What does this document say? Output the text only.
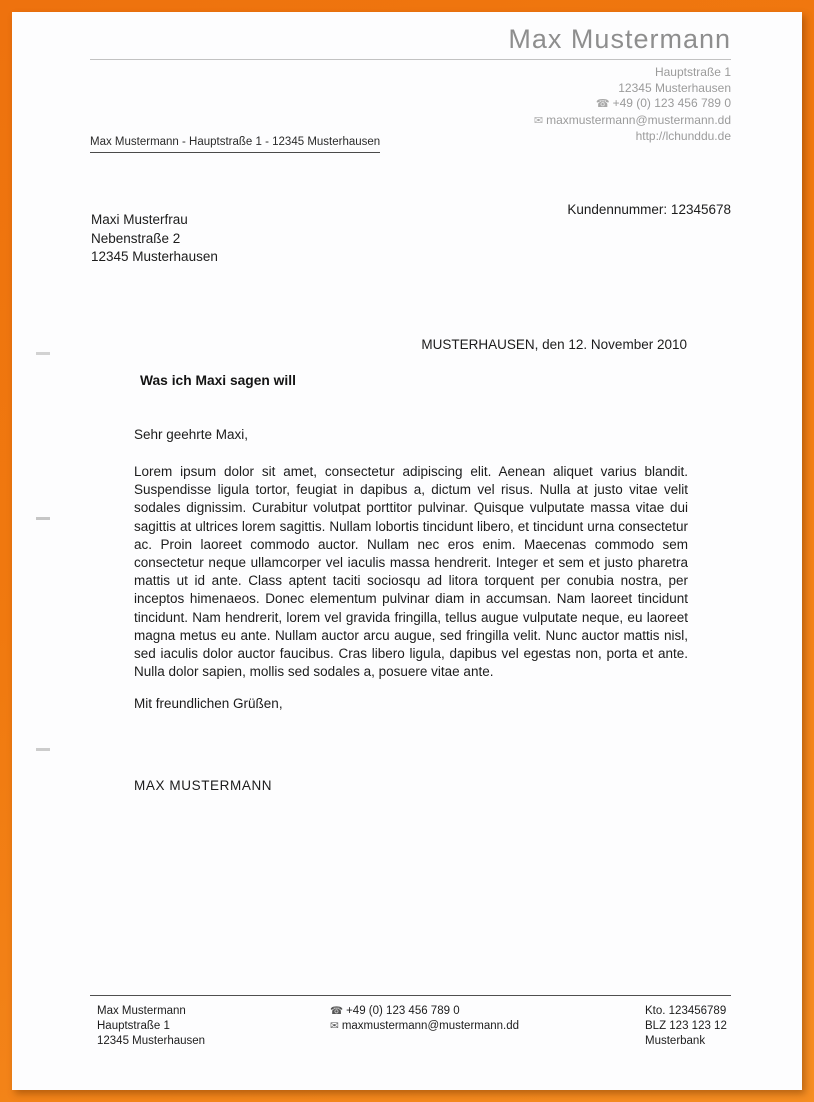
Max Mustermann
Hauptstraße 1
12345 Musterhausen
☎ +49 (0) 123 456 789 0
✉ maxmustermann@mustermann.dd
http://lchunddu.de
Max Mustermann - Hauptstraße 1 - 12345 Musterhausen
Kundennummer: 12345678
Maxi Musterfrau
Nebenstraße 2
12345 Musterhausen
MUSTERHAUSEN, den 12. November 2010
Was ich Maxi sagen will
Sehr geehrte Maxi,

Lorem ipsum dolor sit amet, consectetur adipiscing elit. Aenean aliquet varius blandit. Suspendisse ligula tortor, feugiat in dapibus a, dictum vel risus. Nulla at justo vitae velit sodales dignissim. Curabitur volutpat porttitor pulvinar. Quisque vulputate massa vitae dui sagittis at ultrices lorem sagittis. Nullam lobortis tincidunt libero, et tincidunt urna consectetur ac. Proin laoreet commodo auctor. Nullam nec eros enim. Maecenas commodo sem consectetur neque ullamcorper vel iaculis massa hendrerit. Integer et sem et justo pharetra mattis ut id ante. Class aptent taciti sociosqu ad litora torquent per conubia nostra, per inceptos himenaeos. Donec elementum pulvinar diam in accumsan. Nam laoreet tincidunt tincidunt. Nam hendrerit, lorem vel gravida fringilla, tellus augue vulputate neque, eu laoreet magna metus eu ante. Nullam auctor arcu augue, sed fringilla velit. Nunc auctor mattis nisl, sed iaculis dolor auctor faucibus. Cras libero ligula, dapibus vel egestas non, porta et ante. Nulla dolor sapien, mollis sed sodales a, posuere vitae ante.

Mit freundlichen Grüßen,
MAX MUSTERMANN
Max Mustermann
Hauptstraße 1
12345 Musterhausen
☎ +49 (0) 123 456 789 0
✉ maxmustermann@mustermann.dd
Kto. 123456789
BLZ 123 123 12
Musterbank
